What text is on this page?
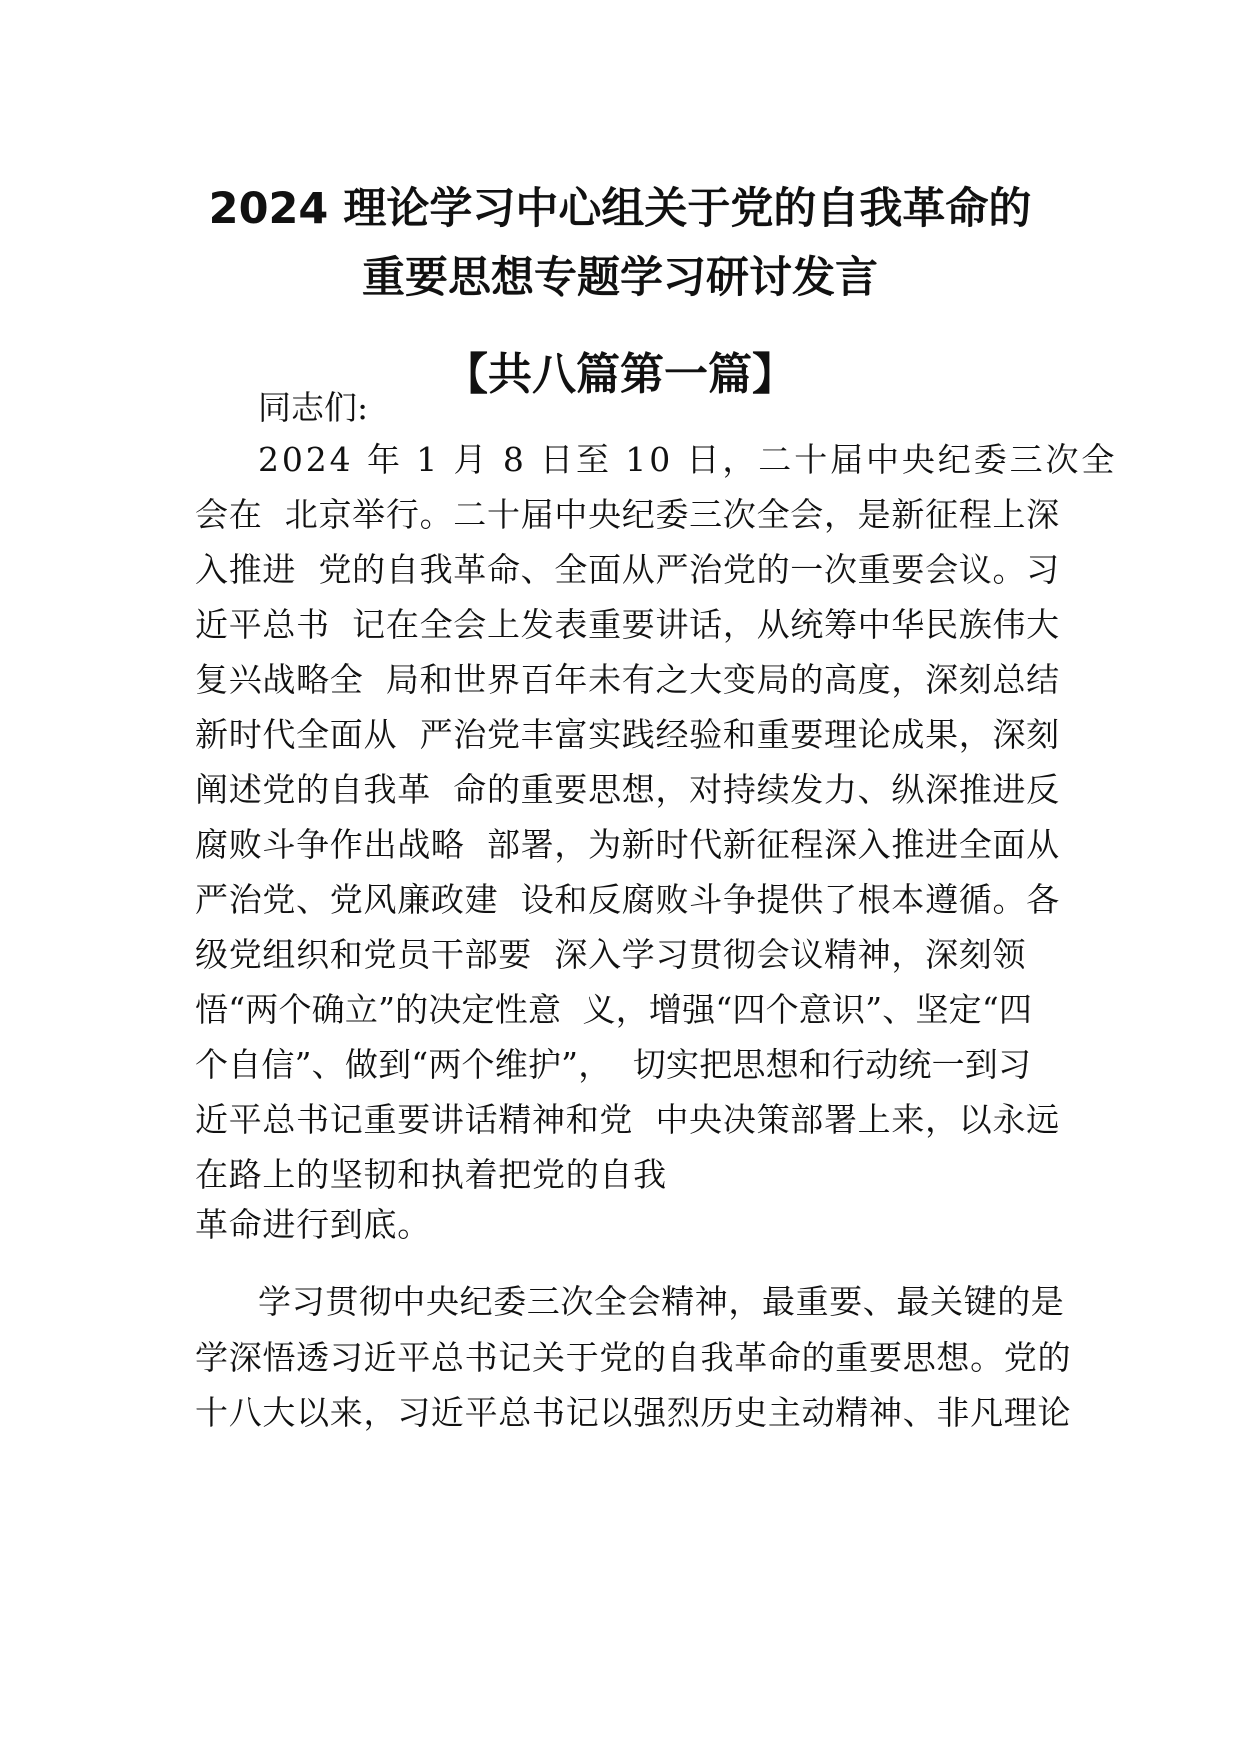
2024 理论学习中心组关于党的自我革命的
重要思想专题学习研讨发言
【共八篇第一篇】

同志们:

2024 年 1 月 8 日至 10 日，二十届中央纪委三次全

会在  北京举行。二十届中央纪委三次全会，是新征程上深

入推进  党的自我革命、全面从严治党的一次重要会议。习

近平总书  记在全会上发表重要讲话，从统筹中华民族伟大

复兴战略全  局和世界百年未有之大变局的高度，深刻总结

新时代全面从  严治党丰富实践经验和重要理论成果，深刻

阐述党的自我革  命的重要思想，对持续发力、纵深推进反

腐败斗争作出战略  部署，为新时代新征程深入推进全面从

严治党、党风廉政建  设和反腐败斗争提供了根本遵循。各

级党组织和党员干部要  深入学习贯彻会议精神，深刻领

悟“两个确立”的决定性意  义，增强“四个意识”、坚定“四

个自信”、做到“两个维护”，  切实把思想和行动统一到习

近平总书记重要讲话精神和党  中央决策部署上来，以永远

在路上的坚韧和执着把党的自我

革命进行到底。

学习贯彻中央纪委三次全会精神，最重要、最关键的是

学深悟透习近平总书记关于党的自我革命的重要思想。党的

十八大以来，习近平总书记以强烈历史主动精神、非凡理论
